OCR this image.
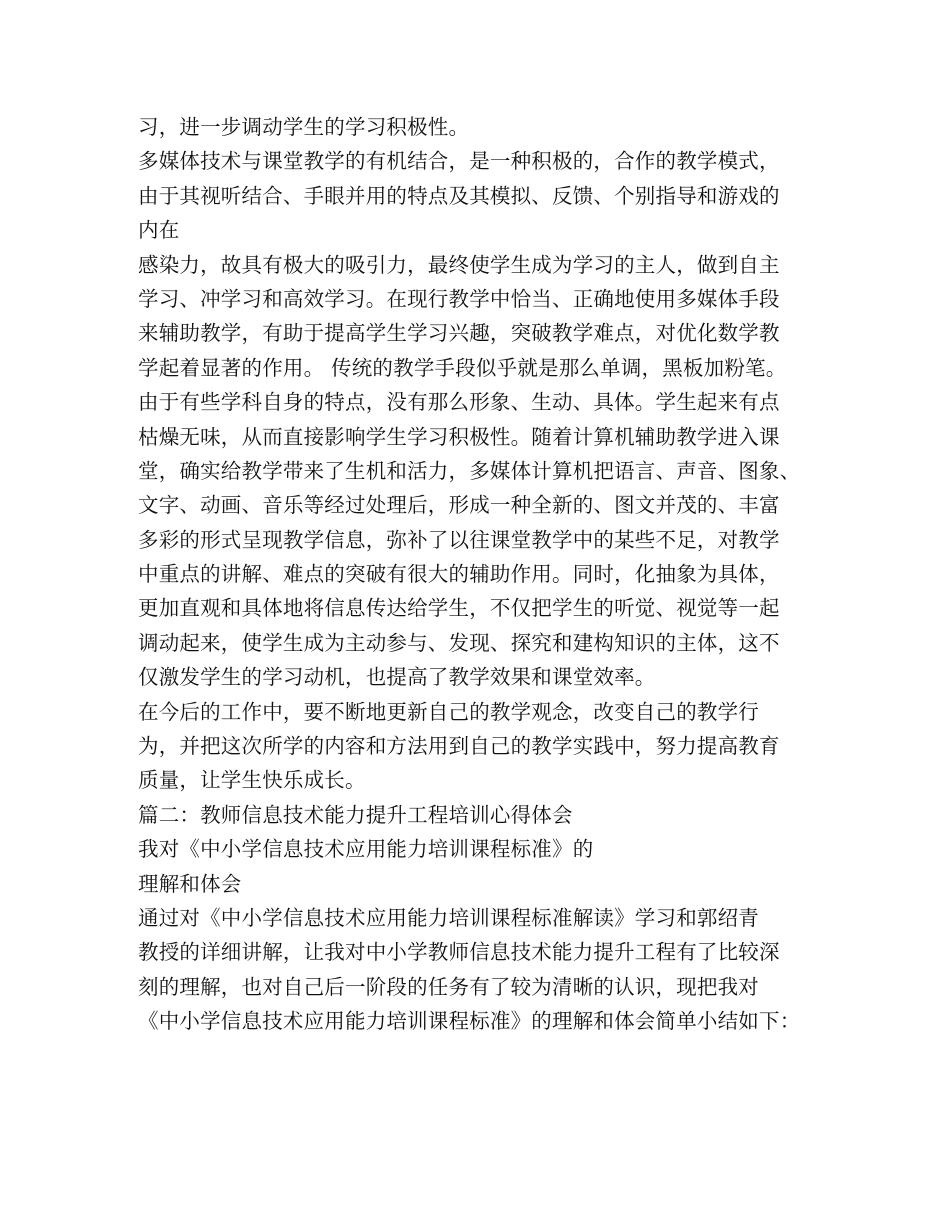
习，进一步调动学生的学习积极性。
多媒体技术与课堂教学的有机结合，是一种积极的，合作的教学模式，
由于其视听结合、手眼并用的特点及其模拟、反馈、个别指导和游戏的
内在
感染力，故具有极大的吸引力，最终使学生成为学习的主人，做到自主
学习、冲学习和高效学习。在现行教学中恰当、正确地使用多媒体手段
来辅助教学，有助于提高学生学习兴趣，突破教学难点，对优化数学教
学起着显著的作用。 传统的教学手段似乎就是那么单调，黑板加粉笔。
由于有些学科自身的特点，没有那么形象、生动、具体。学生起来有点
枯燥无味，从而直接影响学生学习积极性。随着计算机辅助教学进入课
堂，确实给教学带来了生机和活力，多媒体计算机把语言、声音、图象、
文字、动画、音乐等经过处理后，形成一种全新的、图文并茂的、丰富
多彩的形式呈现教学信息，弥补了以往课堂教学中的某些不足，对教学
中重点的讲解、难点的突破有很大的辅助作用。同时，化抽象为具体，
更加直观和具体地将信息传达给学生，不仅把学生的听觉、视觉等一起
调动起来，使学生成为主动参与、发现、探究和建构知识的主体，这不
仅激发学生的学习动机，也提高了教学效果和课堂效率。
在今后的工作中，要不断地更新自己的教学观念，改变自己的教学行
为，并把这次所学的内容和方法用到自己的教学实践中，努力提高教育
质量，让学生快乐成长。
篇二：教师信息技术能力提升工程培训心得体会
我对《中小学信息技术应用能力培训课程标准》的
理解和体会
通过对《中小学信息技术应用能力培训课程标准解读》学习和郭绍青
教授的详细讲解，让我对中小学教师信息技术能力提升工程有了比较深
刻的理解，也对自己后一阶段的任务有了较为清晰的认识，现把我对
《中小学信息技术应用能力培训课程标准》的理解和体会简单小结如下：
